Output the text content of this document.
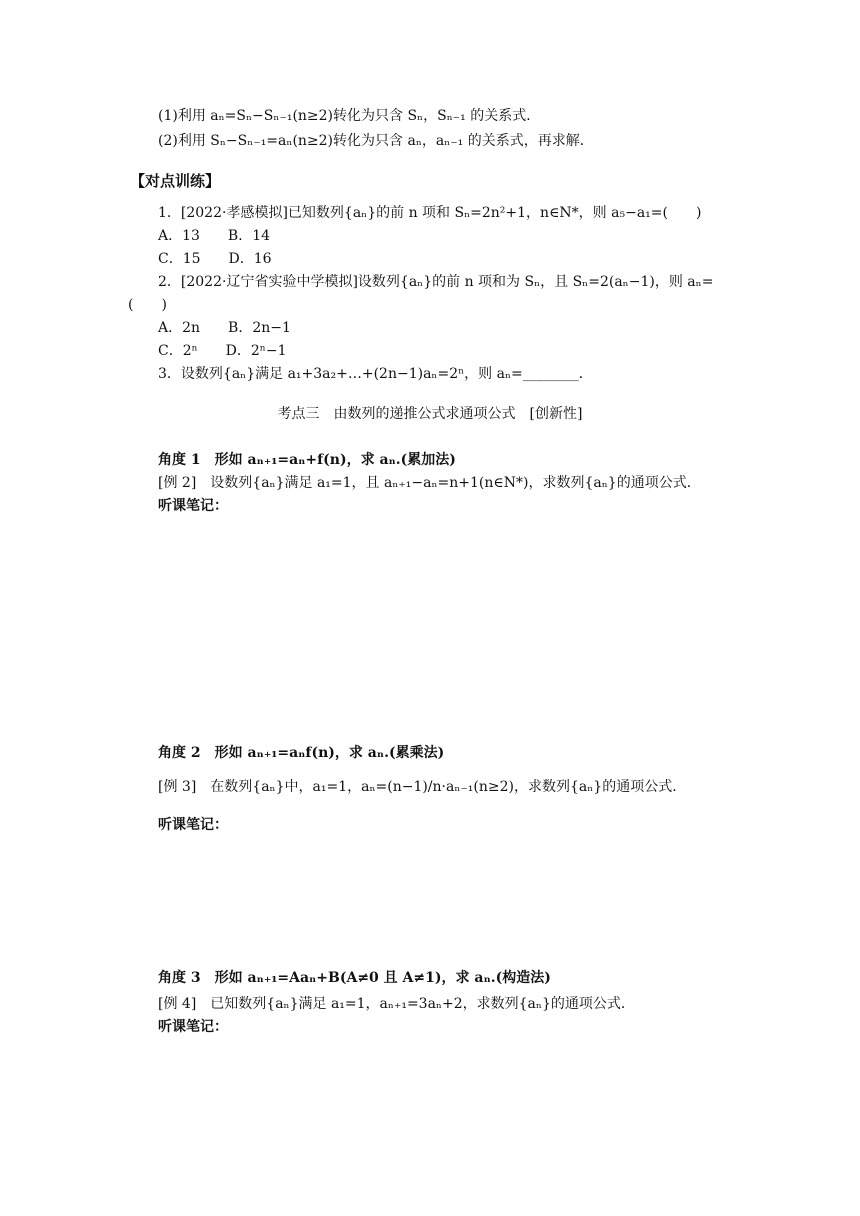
(1)利用 aₙ=Sₙ−Sₙ₋₁(n≥2)转化为只含 Sₙ，Sₙ₋₁ 的关系式．
(2)利用 Sₙ−Sₙ₋₁=aₙ(n≥2)转化为只含 aₙ，aₙ₋₁ 的关系式，再求解．
【对点训练】
1．[2022·孝感模拟]已知数列{aₙ}的前 n 项和 Sₙ=2n²+1，n∈N*，则 a₅−a₁=(　　)
A．13　　B．14
C．15　　D．16
2．[2022·辽宁省实验中学模拟]设数列{aₙ}的前 n 项和为 Sₙ，且 Sₙ=2(aₙ−1)，则 aₙ=
(　　)
A．2n　　B．2n−1
C．2ⁿ　　D．2ⁿ−1
3．设数列{aₙ}满足 a₁+3a₂+…+(2n−1)aₙ=2ⁿ，则 aₙ=________．
考点三　由数列的递推公式求通项公式　[创新性]
角度 1　形如 aₙ₊₁=aₙ+f(n)，求 aₙ.(累加法)
[例 2]　设数列{aₙ}满足 a₁=1，且 aₙ₊₁−aₙ=n+1(n∈N*)，求数列{aₙ}的通项公式．
听课笔记：
角度 2　形如 aₙ₊₁=aₙf(n)，求 aₙ.(累乘法)
[例 3]　在数列{aₙ}中，a₁=1，aₙ=(n−1)/n·aₙ₋₁(n≥2)，求数列{aₙ}的通项公式．
听课笔记：
角度 3　形如 aₙ₊₁=Aaₙ+B(A≠0 且 A≠1)，求 aₙ.(构造法)
[例 4]　已知数列{aₙ}满足 a₁=1，aₙ₊₁=3aₙ+2，求数列{aₙ}的通项公式．
听课笔记：
